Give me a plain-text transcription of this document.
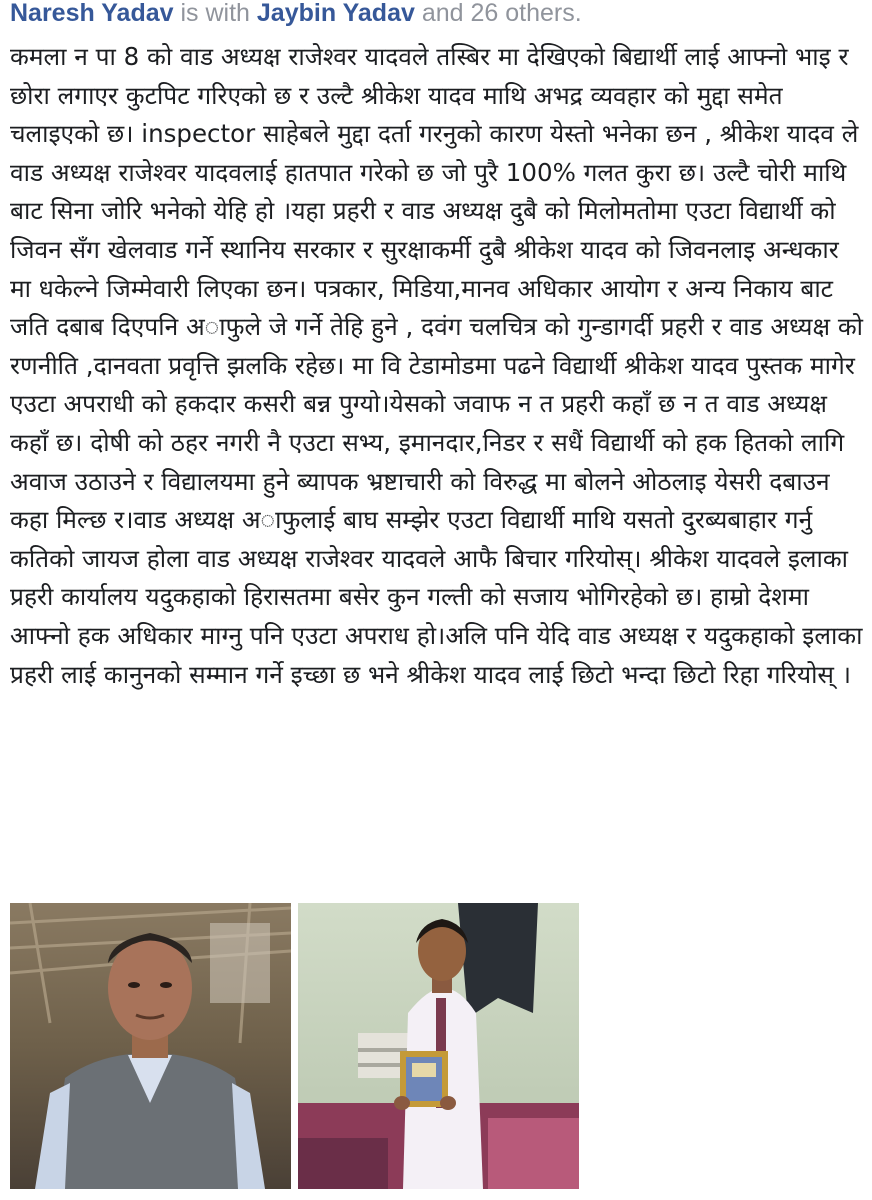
Naresh Yadav is with Jaybin Yadav and 26 others.
कमला न पा 8 को वाड अध्यक्ष राजेश्वर यादवले तस्बिर मा देखिएको बिद्यार्थी लाई आफ्नो भाइ र छोरा लगाएर कुटपिट गरिएको छ र उल्टै श्रीकेश यादव माथि अभद्र व्यवहार को मुद्दा समेत चलाइएको छ। inspector साहेबले मुद्दा दर्ता गरनुको कारण येस्तो भनेका छन , श्रीकेश यादव ले वाड अध्यक्ष राजेश्वर यादवलाई हातपात गरेको छ जो पुरै 100% गलत कुरा छ। उल्टै चोरी माथि बाट सिना जोरि भनेको येहि हो ।यहा प्रहरी र वाड अध्यक्ष दुबै को मिलोमतोमा एउटा विद्यार्थी को जिवन सँग खेलवाड गर्ने स्थानिय सरकार र सुरक्षाकर्मी दुबै श्रीकेश यादव को जिवनलाइ अन्धकार मा धकेल्ने जिम्मेवारी लिएका छन। पत्रकार, मिडिया,मानव अधिकार आयोग र अन्य निकाय बाट जति दबाब दिएपनि अाफुले जे गर्ने तेहि हुने , दवंग चलचित्र को गुन्डागर्दी प्रहरी र वाड अध्यक्ष को रणनीति ,दानवता प्रवृत्ति झलकि रहेछ। मा वि टेडामोडमा पढने विद्यार्थी श्रीकेश यादव पुस्तक मागेर एउटा अपराधी को हकदार कसरी बन्न पुग्यो।येसको जवाफ न त प्रहरी कहाँ छ न त वाड अध्यक्ष कहाँ छ। दोषी को ठहर नगरी नै एउटा सभ्य, इमानदार,निडर र सधैं विद्यार्थी को हक हितको लागि अवाज उठाउने र विद्यालयमा हुने ब्यापक भ्रष्टाचारी को विरुद्ध मा बोलने ओठलाइ येसरी दबाउन कहा मिल्छ र।वाड अध्यक्ष अाफुलाई बाघ सम्झेर एउटा विद्यार्थी माथि यसतो दुरब्यबाहार गर्नु कतिको जायज होला वाड अध्यक्ष राजेश्वर यादवले आफै बिचार गरियोस्। श्रीकेश यादवले इलाका प्रहरी कार्यालय यदुकहाको हिरासतमा बसेर कुन गल्ती को सजाय भोगिरहेको छ। हाम्रो देशमा आफ्नो हक अधिकार माग्नु पनि एउटा अपराध हो।अलि पनि येदि वाड अध्यक्ष र यदुकहाको इलाका प्रहरी लाई कानुनको सम्मान गर्ने इच्छा छ भने श्रीकेश यादव लाई छिटो भन्दा छिटो रिहा गरियोस् ।
